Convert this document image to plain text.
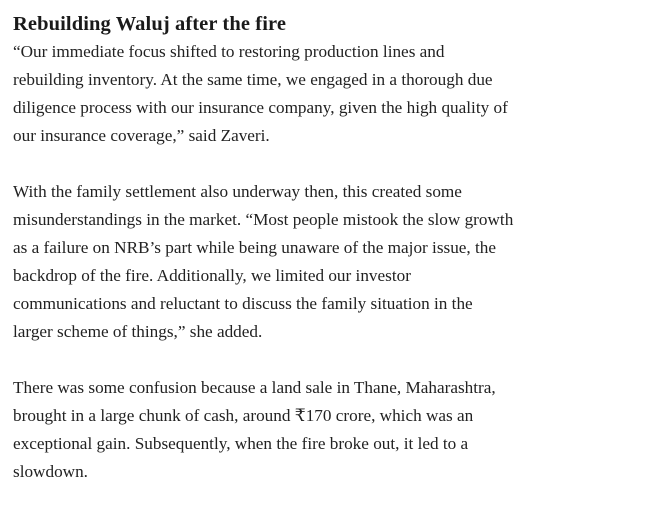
Rebuilding Waluj after the fire

“Our immediate focus shifted to restoring production lines and
rebuilding inventory. At the same time, we engaged in a thorough due
diligence process with our insurance company, given the high quality of
our insurance coverage,” said Zaveri.

With the family settlement also underway then, this created some
misunderstandings in the market. “Most people mistook the slow growth
as a failure on NRB’s part while being unaware of the major issue, the
backdrop of the fire. Additionally, we limited our investor
communications and reluctant to discuss the family situation in the
larger scheme of things,” she added.

There was some confusion because a land sale in Thane, Maharashtra,
brought in a large chunk of cash, around ₹170 crore, which was an
exceptional gain. Subsequently, when the fire broke out, it led to a
slowdown.
